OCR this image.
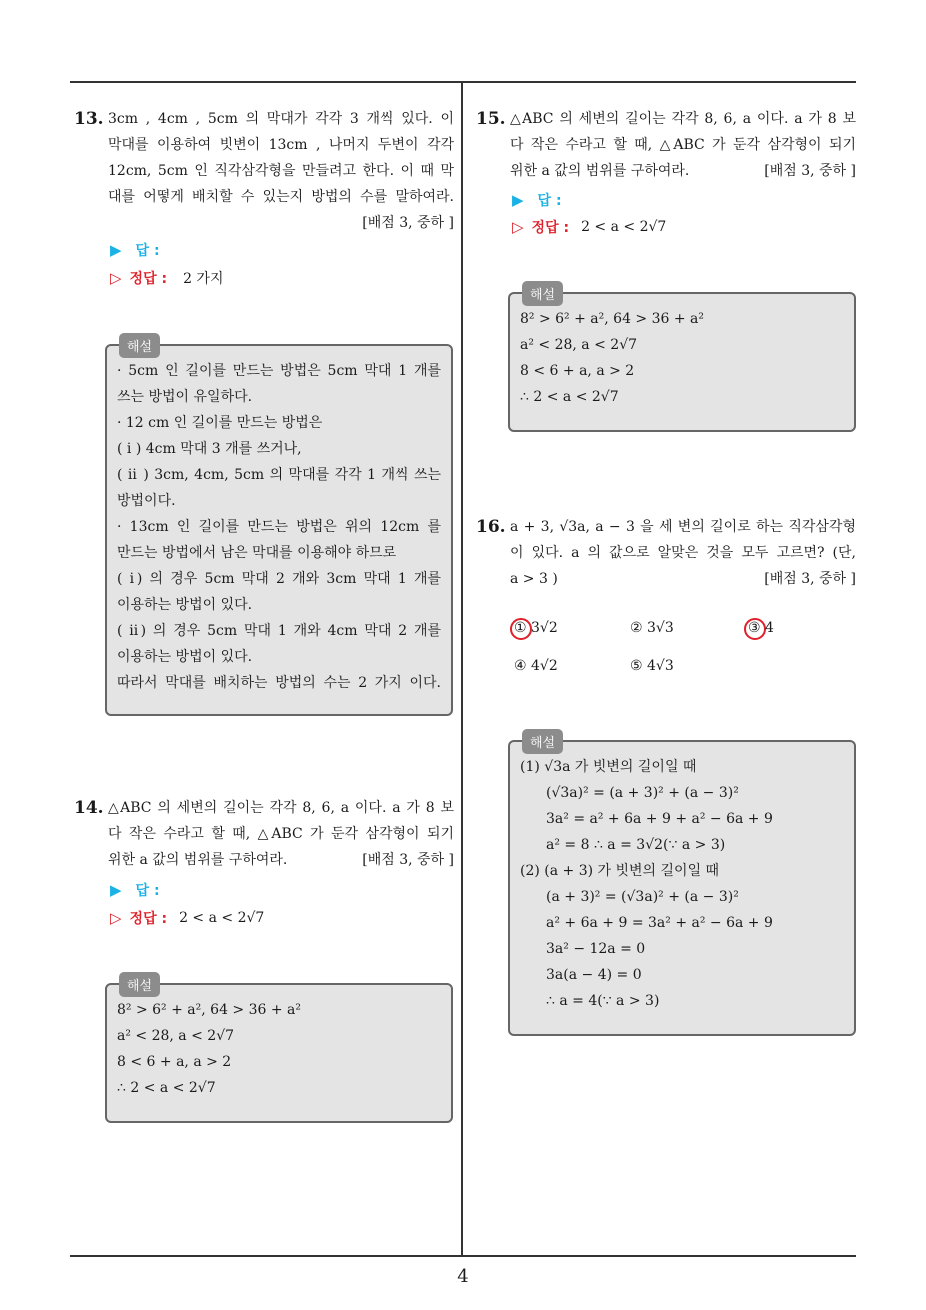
4
13. 3cm , 4cm , 5cm 의 막대가 각각 3 개씩 있다. 이
막대를 이용하여 빗변이 13cm , 나머지 두변이 각각
12cm, 5cm 인 직각삼각형을 만들려고 한다. 이 때 막
대를 어떻게 배치할 수 있는지 방법의 수를 말하여라.
[배점 3, 중하 ]
▶ 답 :
▷ 정답 : 2 가지
해설
· 5cm 인 길이를 만드는 방법은 5cm 막대 1 개를
쓰는 방법이 유일하다.
· 12 cm 인 길이를 만드는 방법은
( ⅰ ) 4cm 막대 3 개를 쓰거나,
( ⅱ ) 3cm, 4cm, 5cm 의 막대를 각각 1 개씩 쓰는
방법이다.
· 13cm 인 길이를 만드는 방법은 위의 12cm 를
만드는 방법에서 남은 막대를 이용해야 하므로
( ⅰ) 의 경우 5cm 막대 2 개와 3cm 막대 1 개를
이용하는 방법이 있다.
( ⅱ) 의 경우 5cm 막대 1 개와 4cm 막대 2 개를
이용하는 방법이 있다.
따라서 막대를 배치하는 방법의 수는 2 가지 이다.
14. △ABC 의 세변의 길이는 각각 8, 6, a 이다. a 가 8 보
다 작은 수라고 할 때, △ABC 가 둔각 삼각형이 되기
위한 a 값의 범위를 구하여라.	[배점 3, 중하 ]
▶ 답 :
▷ 정답 : 2 < a < 2√7
해설
8² > 6² + a², 64 > 36 + a²
a² < 28, a < 2√7
8 < 6 + a, a > 2
∴ 2 < a < 2√7
15. △ABC 의 세변의 길이는 각각 8, 6, a 이다. a 가 8 보
다 작은 수라고 할 때, △ABC 가 둔각 삼각형이 되기
위한 a 값의 범위를 구하여라.	[배점 3, 중하 ]
▶ 답 :
▷ 정답 : 2 < a < 2√7
해설
8² > 6² + a², 64 > 36 + a²
a² < 28, a < 2√7
8 < 6 + a, a > 2
∴ 2 < a < 2√7
16. a + 3, √3a, a − 3 을 세 변의 길이로 하는 직각삼각형
이 있다. a 의 값으로 알맞은 것을 모두 고르면? (단,
a > 3 )	[배점 3, 중하 ]
① 3√2	② 3√3	③ 4
④ 4√2	⑤ 4√3
해설
(1) √3a 가 빗변의 길이일 때
(√3a)² = (a + 3)² + (a − 3)²
3a² = a² + 6a + 9 + a² − 6a + 9
a² = 8 ∴ a = 3√2(∵ a > 3)
(2) (a + 3) 가 빗변의 길이일 때
(a + 3)² = (√3a)² + (a − 3)²
a² + 6a + 9 = 3a² + a² − 6a + 9
3a² − 12a = 0
3a(a − 4) = 0
∴ a = 4(∵ a > 3)
